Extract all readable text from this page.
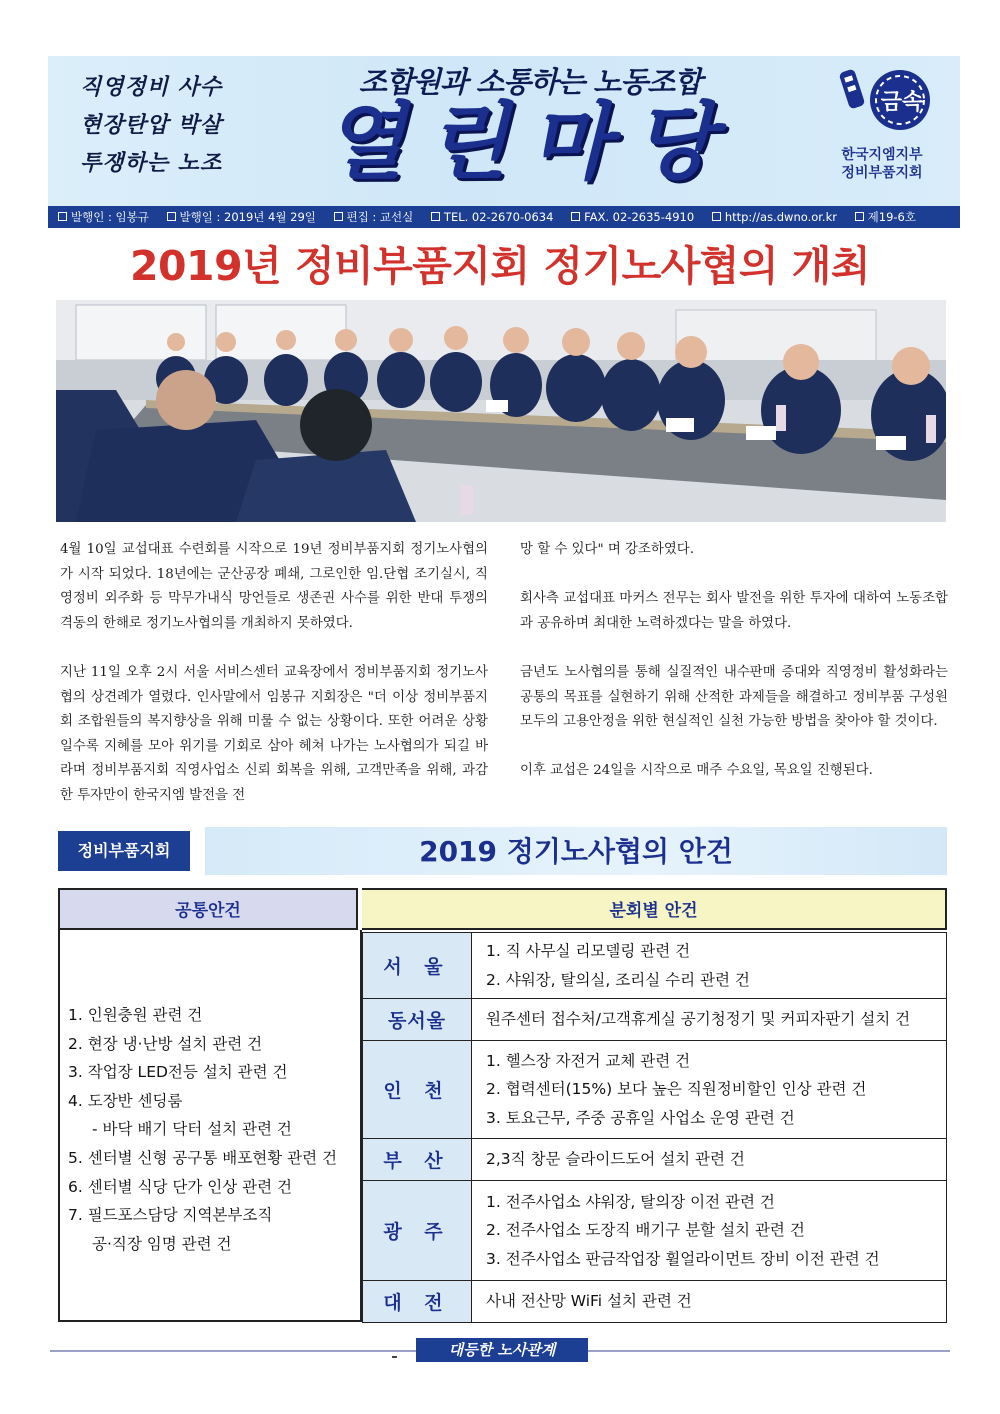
직영정비 사수
현장탄압 박살
투쟁하는 노조
조합원과 소통하는 노동조합
열린마당	금속
한국지엠지부
정비부품지회
발행인 : 임봉규	발행일 : 2019년 4월 29일	편집 : 교선실	TEL. 02-2670-0634	FAX. 02-2635-4910	http://as.dwno.or.kr	제19-6호
2019년 정비부품지회 정기노사협의 개최

4월 10일 교섭대표 수련회를 시작으로 19년 정비부품지회 정기노사협의가 시작 되었다. 18년에는 군산공장 폐쇄, 그로인한 임.단협 조기실시, 직영정비 외주화 등 막무가내식 망언들로 생존권 사수를 위한 반대 투쟁의 격동의 한해로 정기노사협의를 개최하지 못하였다.

지난 11일 오후 2시 서울 서비스센터 교육장에서 정비부품지회 정기노사협의 상견례가 열렸다. 인사말에서 임봉규 지회장은 "더 이상 정비부품지회 조합원들의 복지향상을 위해 미룰 수 없는 상황이다. 또한 어려운 상황일수록 지혜를 모아 위기를 기회로 삼아 헤쳐 나가는 노사협의가 되길 바라며 정비부품지회 직영사업소 신뢰 회복을 위해, 고객만족을 위해, 과감한 투자만이 한국지엠 발전을 전

망 할 수 있다" 며 강조하였다.

회사측 교섭대표 마커스 전무는 회사 발전을 위한 투자에 대하여 노동조합과 공유하며 최대한 노력하겠다는 말을 하였다.

금년도 노사협의를 통해 실질적인 내수판매 증대와 직영정비 활성화라는 공통의 목표를 실현하기 위해 산적한 과제들을 해결하고 정비부품 구성원 모두의 고용안정을 위한 현실적인 실천 가능한 방법을 찾아야 할 것이다.

이후 교섭은 24일을 시작으로 매주 수요일, 목요일 진행된다.

정비부품지회	2019 정기노사협의 안건
공통안건
1. 인원충원 관련 건
2. 현장 냉·난방 설치 관련 건
3. 작업장 LED전등 설치 관련 건
4. 도장반 센딩룸
- 바닥 배기 닥터 설치 관련 건
5. 센터별 신형 공구통 배포현황 관련 건
6. 센터별 식당 단가 인상 관련 건
7. 필드포스담당 지역본부조직
공·직장 임명 관련 건
분회별 안건
서 울	1. 직 사무실 리모델링 관련 건
2. 샤워장, 탈의실, 조리실 수리 관련 건

동서울	원주센터 접수처/고객휴게실 공기청정기 및 커피자판기 설치 건

인 천	1. 헬스장 자전거 교체 관련 건
2. 협력센터(15%) 보다 높은 직원정비할인 인상 관련 건
3. 토요근무, 주중 공휴일 사업소 운영 관련 건

부 산	2,3직 창문 슬라이드도어 설치 관련 건

광 주	1. 전주사업소 샤워장, 탈의장 이전 관련 건
2. 전주사업소 도장직 배기구 분할 설치 관련 건
3. 전주사업소 판금작업장 휠얼라이먼트 장비 이전 관련 건

대 전	사내 전산망 WiFi 설치 관련 건
대등한 노사관계
